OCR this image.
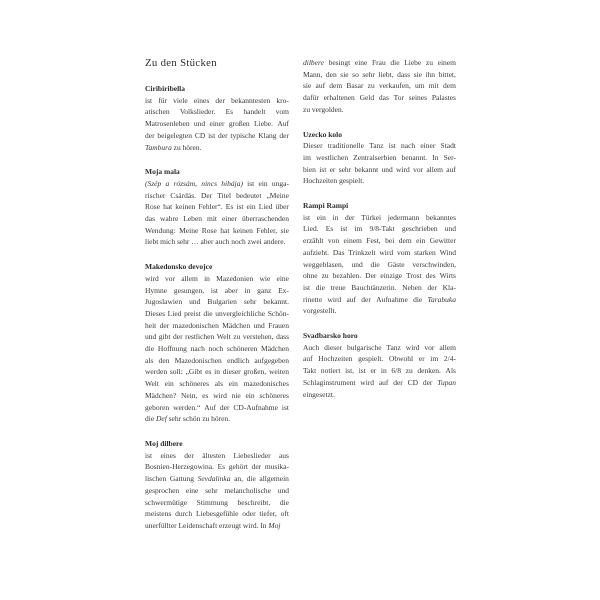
Zu den Stücken
Ciribiribella
ist für viele eines der bekanntesten kro-
atischen Volkslieder. Es handelt vom
Matrosenleben und einer großen Liebe. Auf
der beigelegten CD ist der typische Klang der
Tambura zu hören.
Moja mala
(Szép a rózsám, nincs hibája) ist ein unga-
rischer Csárdás. Der Titel bedeutet „Meine
Rose hat keinen Fehler“. Es ist ein Lied über
das wahre Leben mit einer überraschenden
Wendung: Meine Rose hat keinen Fehler, sie
liebt mich sehr … aber auch noch zwei andere.
Makedonsko devojce
wird vor allem in Mazedonien wie eine
Hymne gesungen, ist aber in ganz Ex-
Jugoslawien und Bulgarien sehr bekannt.
Dieses Lied preist die unvergleichliche Schön-
heit der mazedonischen Mädchen und Frauen
und gibt der restlichen Welt zu verstehen, dass
die Hoffnung nach noch schöneren Mädchen
als den Mazedonischen endlich aufgegeben
werden soll: „Gibt es in dieser großen, weiten
Welt ein schöneres als ein mazedonisches
Mädchen? Nein, es wird nie ein schöneres
geboren werden.“ Auf der CD-Aufnahme ist
die Def sehr schön zu hören.
Moj dilbere
ist eines der ältesten Liebeslieder aus
Bosnien-Herzegowina. Es gehört der musika-
lischen Gattung Sevdalinka an, die allgemein
gesprochen eine sehr melancholische und
schwermütige Stimmung beschreibt, die
meistens durch Liebesgefühle oder tiefer, oft
unerfüllter Leidenschaft erzeugt wird. In Moj
dilbere besingt eine Frau die Liebe zu einem
Mann, den sie so sehr liebt, dass sie ihn bittet,
sie auf dem Basar zu verkaufen, um mit dem
dafür erhaltenen Geld das Tor seines Palastes
zu vergolden.
Uzecko kolo
Dieser traditionelle Tanz ist nach einer Stadt
im westlichen Zentralserbien benannt. In Ser-
bien ist er sehr bekannt und wird vor allem auf
Hochzeiten gespielt.
Rampi Rampi
ist ein in der Türkei jedermann bekanntes
Lied. Es ist im 9/8-Takt geschrieben und
erzählt von einem Fest, bei dem ein Gewitter
aufzieht. Das Trinkzelt wird vom starken Wind
weggeblasen, und die Gäste verschwinden,
ohne zu bezahlen. Der einzige Trost des Wirts
ist die treue Bauchtänzerin. Neben der Kla-
rinette wird auf der Aufnahme die Tarabuka
vorgestellt.
Svadbarsko horo
Auch dieser bulgarische Tanz wird vor allem
auf Hochzeiten gespielt. Obwohl er im 2/4-
Takt notiert ist, ist er in 6/8 zu denken. Als
Schlaginstrument wird auf der CD der Tupan
eingesetzt.
